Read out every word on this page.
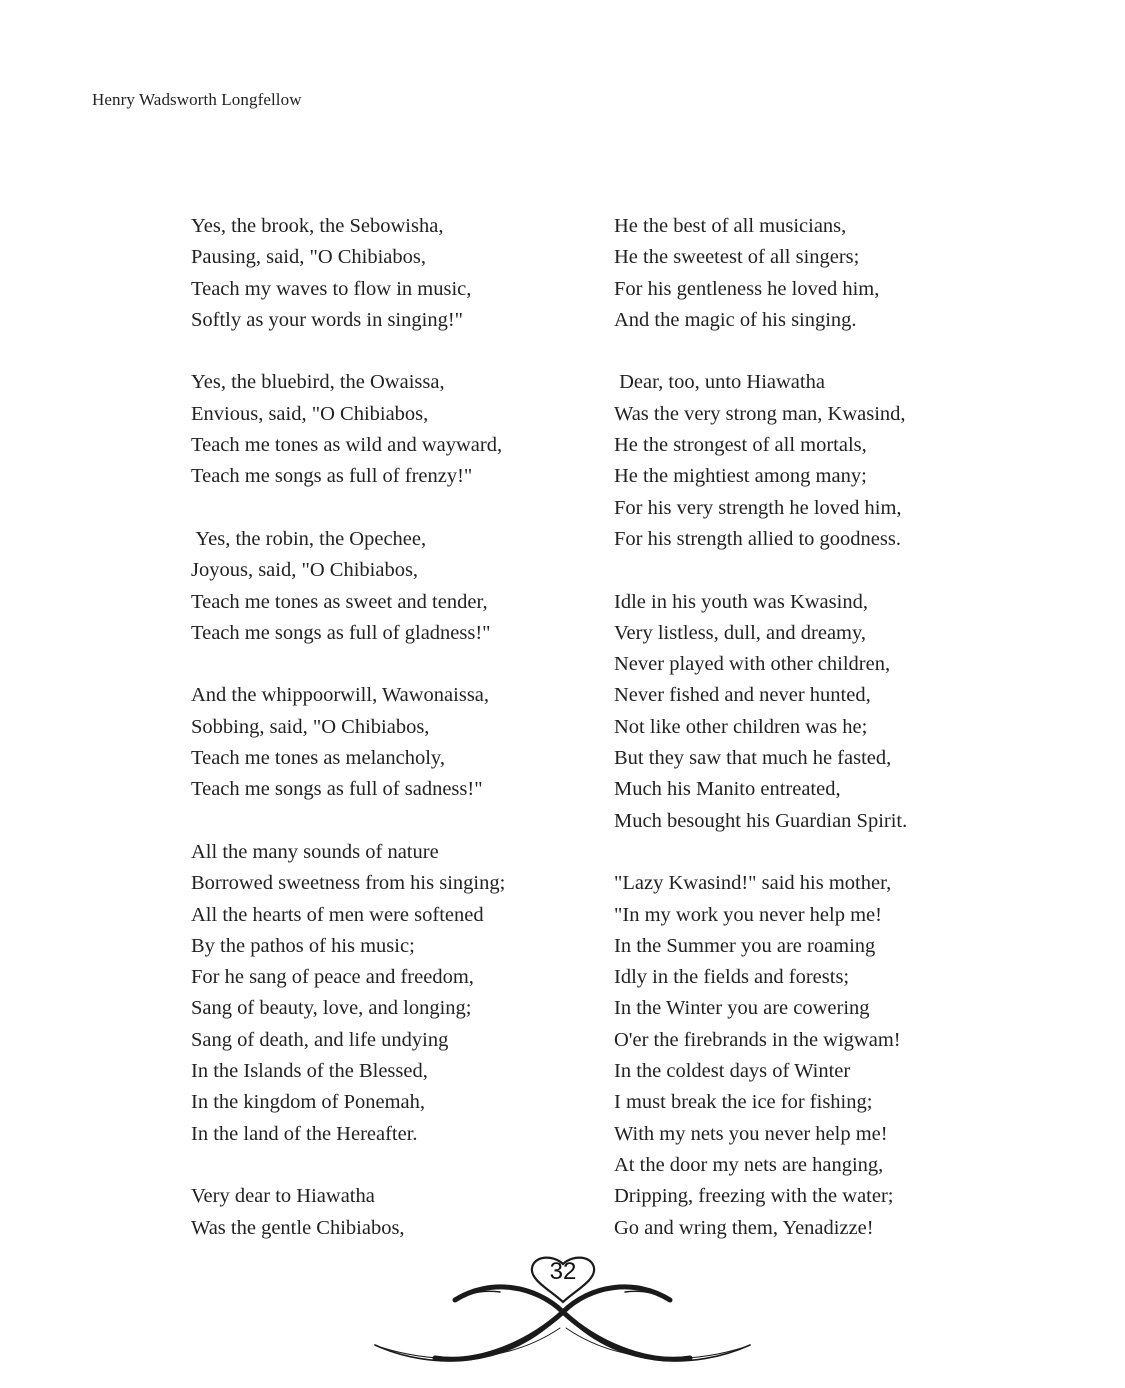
Henry Wadsworth Longfellow
Yes, the brook, the Sebowisha,
Pausing, said, "O Chibiabos,
Teach my waves to flow in music,
Softly as your words in singing!"
Yes, the bluebird, the Owaissa,
Envious, said, "O Chibiabos,
Teach me tones as wild and wayward,
Teach me songs as full of frenzy!"
Yes, the robin, the Opechee,
Joyous, said, "O Chibiabos,
Teach me tones as sweet and tender,
Teach me songs as full of gladness!"
And the whippoorwill, Wawonaissa,
Sobbing, said, "O Chibiabos,
Teach me tones as melancholy,
Teach me songs as full of sadness!"
All the many sounds of nature
Borrowed sweetness from his singing;
All the hearts of men were softened
By the pathos of his music;
For he sang of peace and freedom,
Sang of beauty, love, and longing;
Sang of death, and life undying
In the Islands of the Blessed,
In the kingdom of Ponemah,
In the land of the Hereafter.
Very dear to Hiawatha
Was the gentle Chibiabos,
He the best of all musicians,
He the sweetest of all singers;
For his gentleness he loved him,
And the magic of his singing.
Dear, too, unto Hiawatha
Was the very strong man, Kwasind,
He the strongest of all mortals,
He the mightiest among many;
For his very strength he loved him,
For his strength allied to goodness.
Idle in his youth was Kwasind,
Very listless, dull, and dreamy,
Never played with other children,
Never fished and never hunted,
Not like other children was he;
But they saw that much he fasted,
Much his Manito entreated,
Much besought his Guardian Spirit.
"Lazy Kwasind!" said his mother,
"In my work you never help me!
In the Summer you are roaming
Idly in the fields and forests;
In the Winter you are cowering
O'er the firebrands in the wigwam!
In the coldest days of Winter
I must break the ice for fishing;
With my nets you never help me!
At the door my nets are hanging,
Dripping, freezing with the water;
Go and wring them, Yenadizze!
32
